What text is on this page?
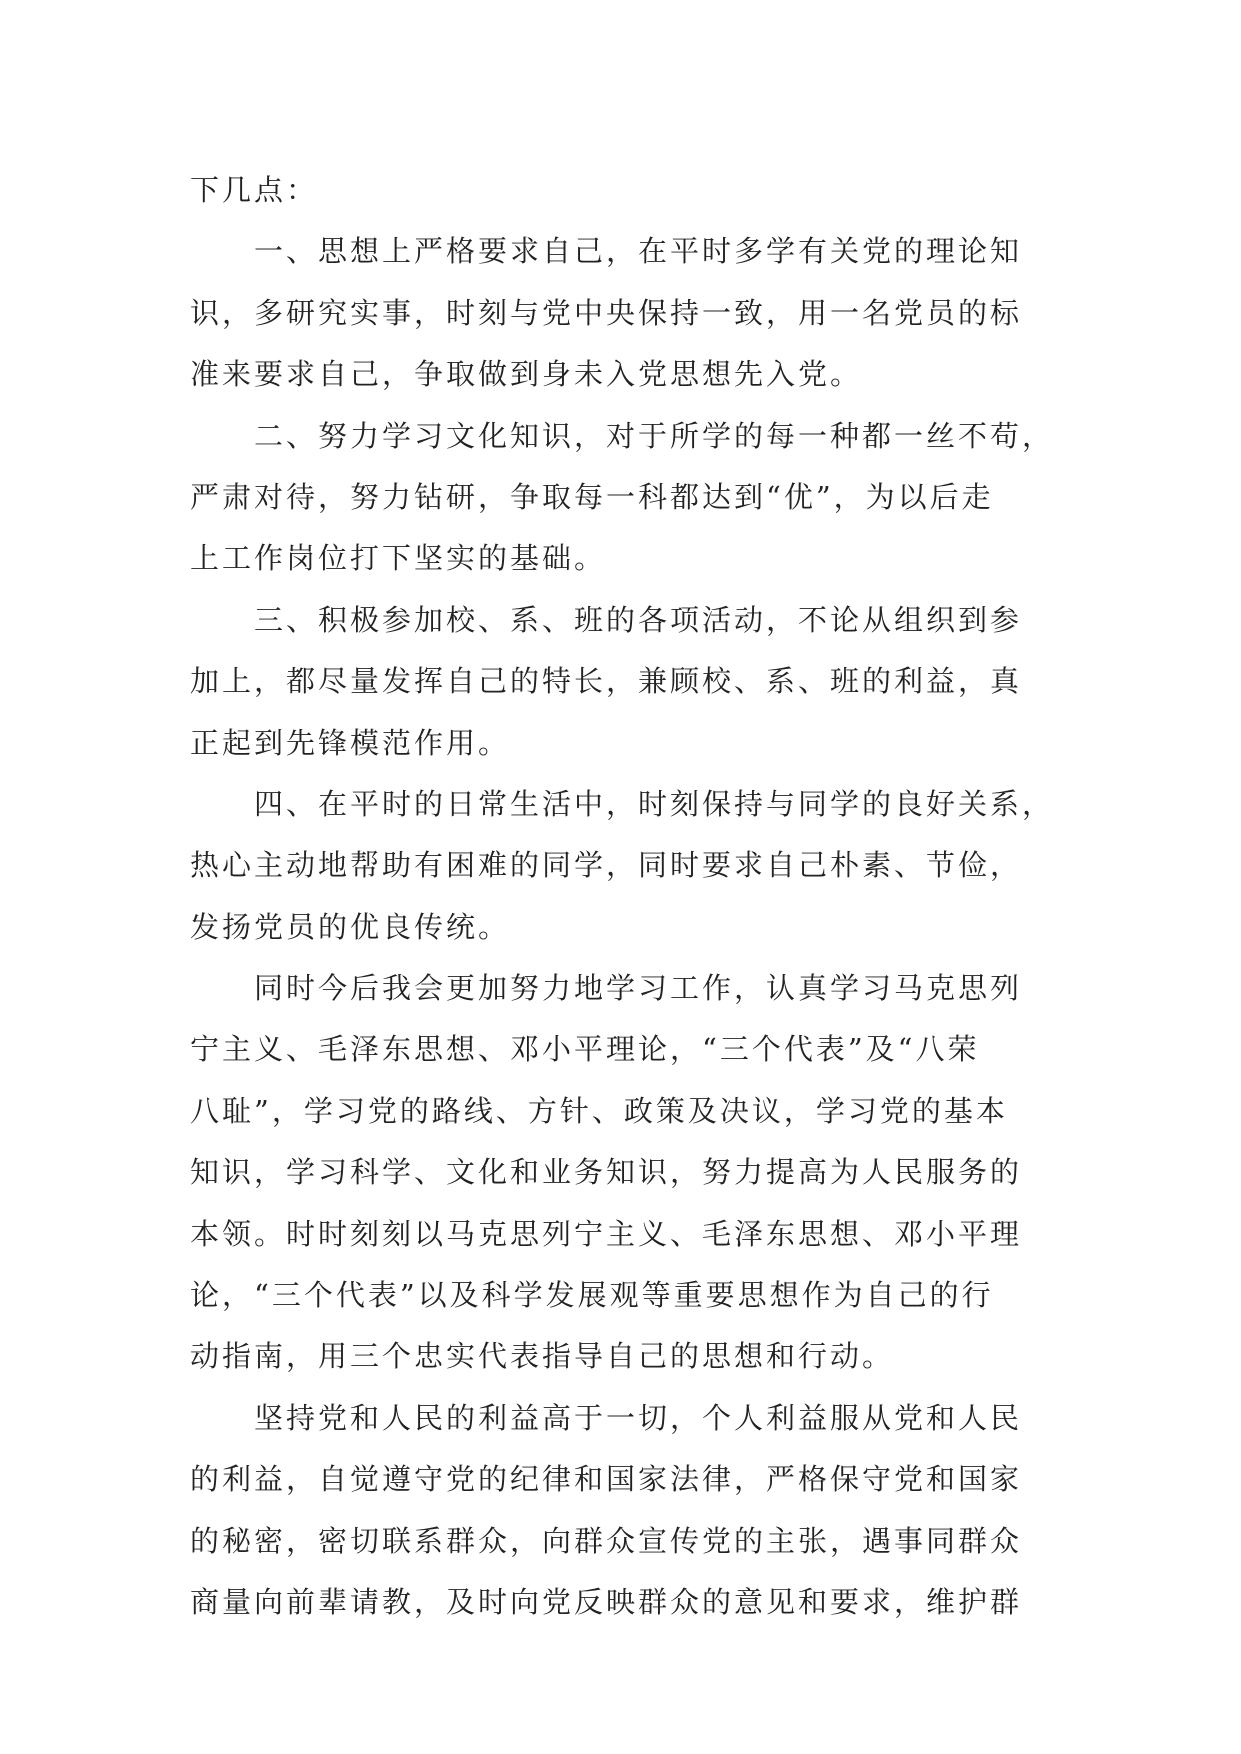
下几点：
一、思想上严格要求自己，在平时多学有关党的理论知
识，多研究实事，时刻与党中央保持一致，用一名党员的标
准来要求自己，争取做到身未入党思想先入党。
二、努力学习文化知识，对于所学的每一种都一丝不苟，
严肃对待，努力钻研，争取每一科都达到“优”，为以后走
上工作岗位打下坚实的基础。
三、积极参加校、系、班的各项活动，不论从组织到参
加上，都尽量发挥自己的特长，兼顾校、系、班的利益，真
正起到先锋模范作用。
四、在平时的日常生活中，时刻保持与同学的良好关系，
热心主动地帮助有困难的同学，同时要求自己朴素、节俭，
发扬党员的优良传统。
同时今后我会更加努力地学习工作，认真学习马克思列
宁主义、毛泽东思想、邓小平理论，“三个代表”及“八荣
八耻”，学习党的路线、方针、政策及决议，学习党的基本
知识，学习科学、文化和业务知识，努力提高为人民服务的
本领。时时刻刻以马克思列宁主义、毛泽东思想、邓小平理
论，“三个代表”以及科学发展观等重要思想作为自己的行
动指南，用三个忠实代表指导自己的思想和行动。
坚持党和人民的利益高于一切，个人利益服从党和人民
的利益，自觉遵守党的纪律和国家法律，严格保守党和国家
的秘密，密切联系群众，向群众宣传党的主张，遇事同群众
商量向前辈请教，及时向党反映群众的意见和要求，维护群
